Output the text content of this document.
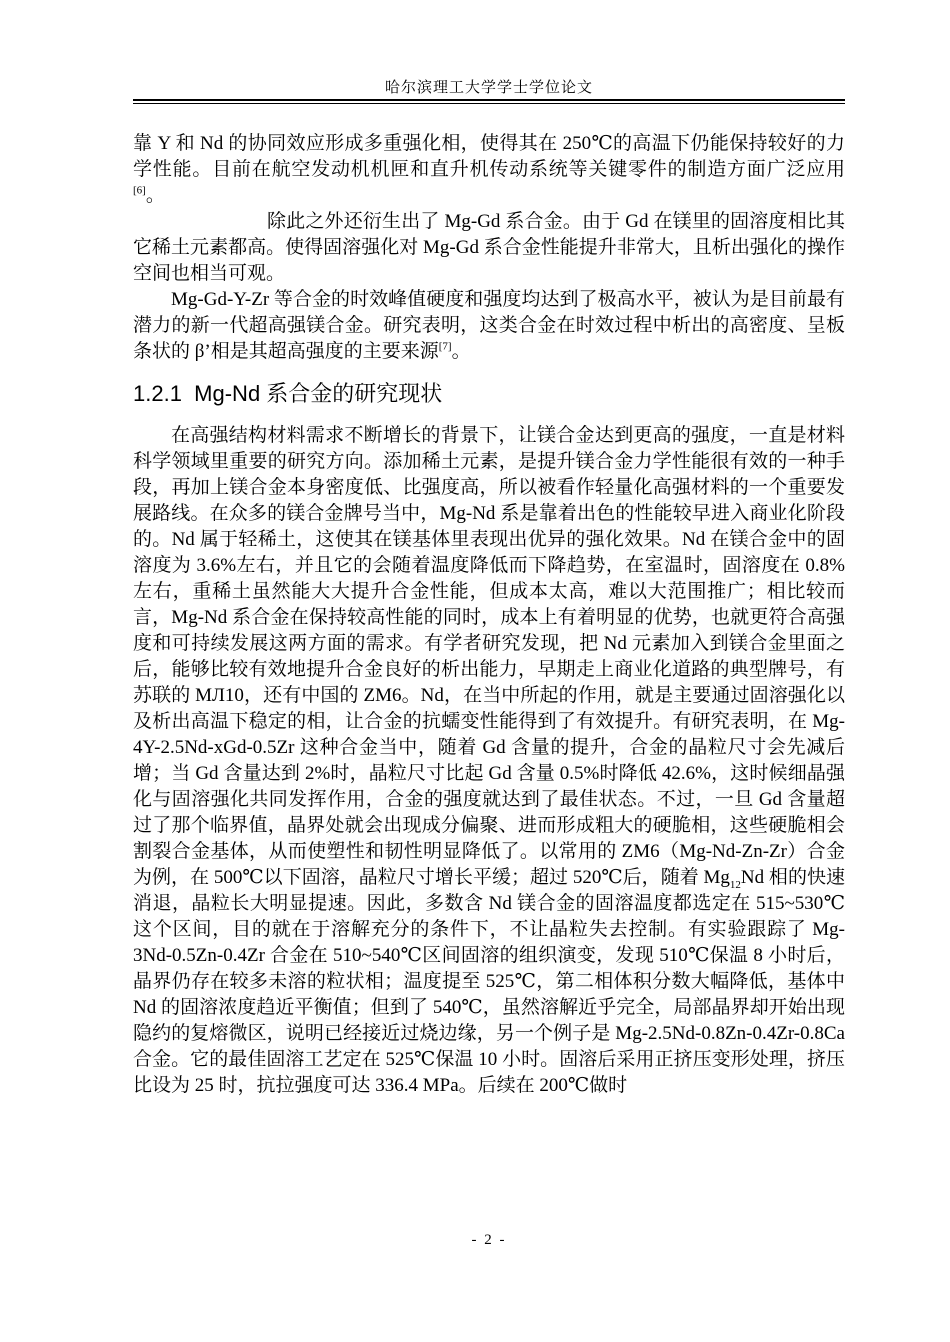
哈尔滨理工大学学士学位论文

靠 Y 和 Nd 的协同效应形成多重强化相，使得其在 250℃的高温下仍能保持较好的力学性能。目前在航空发动机机匣和直升机传动系统等关键零件的制造方面广泛应用[6]。

除此之外还衍生出了 Mg-Gd 系合金。由于 Gd 在镁里的固溶度相比其它稀土元素都高。使得固溶强化对 Mg-Gd 系合金性能提升非常大，且析出强化的操作空间也相当可观。

Mg-Gd-Y-Zr 等合金的时效峰值硬度和强度均达到了极高水平，被认为是目前最有潜力的新一代超高强镁合金。研究表明，这类合金在时效过程中析出的高密度、呈板条状的 β’相是其超高强度的主要来源[7]。

1.2.1 Mg-Nd 系合金的研究现状

在高强结构材料需求不断增长的背景下，让镁合金达到更高的强度，一直是材料科学领域里重要的研究方向。添加稀土元素，是提升镁合金力学性能很有效的一种手段，再加上镁合金本身密度低、比强度高，所以被看作轻量化高强材料的一个重要发展路线。在众多的镁合金牌号当中，Mg-Nd 系是靠着出色的性能较早进入商业化阶段的。Nd 属于轻稀土，这使其在镁基体里表现出优异的强化效果。Nd 在镁合金中的固溶度为 3.6%左右，并且它的会随着温度降低而下降趋势，在室温时，固溶度在 0.8%左右，重稀土虽然能大大提升合金性能，但成本太高，难以大范围推广；相比较而言，Mg-Nd 系合金在保持较高性能的同时，成本上有着明显的优势，也就更符合高强度和可持续发展这两方面的需求。有学者研究发现，把 Nd 元素加入到镁合金里面之后，能够比较有效地提升合金良好的析出能力，早期走上商业化道路的典型牌号，有苏联的 МЛ10，还有中国的 ZM6。Nd，在当中所起的作用，就是主要通过固溶强化以及析出高温下稳定的相，让合金的抗蠕变性能得到了有效提升。有研究表明，在 Mg-4Y-2.5Nd-xGd-0.5Zr 这种合金当中，随着 Gd 含量的提升，合金的晶粒尺寸会先减后增；当 Gd 含量达到 2%时，晶粒尺寸比起 Gd 含量 0.5%时降低 42.6%，这时候细晶强化与固溶强化共同发挥作用，合金的强度就达到了最佳状态。不过，一旦 Gd 含量超过了那个临界值，晶界处就会出现成分偏聚、进而形成粗大的硬脆相，这些硬脆相会割裂合金基体，从而使塑性和韧性明显降低了。以常用的 ZM6（Mg-Nd-Zn-Zr）合金为例，在 500℃以下固溶，晶粒尺寸增长平缓；超过 520℃后，随着 $Mg_{12}Nd$ 相的快速消退，晶粒长大明显提速。因此，多数含 Nd 镁合金的固溶温度都选定在 515~530℃这个区间，目的就在于溶解充分的条件下，不让晶粒失去控制。有实验跟踪了 Mg-3Nd-0.5Zn-0.4Zr 合金在 510~540℃区间固溶的组织演变，发现 510℃保温 8 小时后，晶界仍存在较多未溶的粒状相；温度提至 525℃，第二相体积分数大幅降低，基体中 Nd 的固溶浓度趋近平衡值；但到了 540℃，虽然溶解近乎完全，局部晶界却开始出现隐约的复熔微区，说明已经接近过烧边缘，另一个例子是 Mg-2.5Nd-0.8Zn-0.4Zr-0.8Ca 合金。它的最佳固溶工艺定在 525℃保温 10 小时。固溶后采用正挤压变形处理，挤压比设为 25 时，抗拉强度可达 336.4 MPa。后续在 200℃做时

- 2 -
